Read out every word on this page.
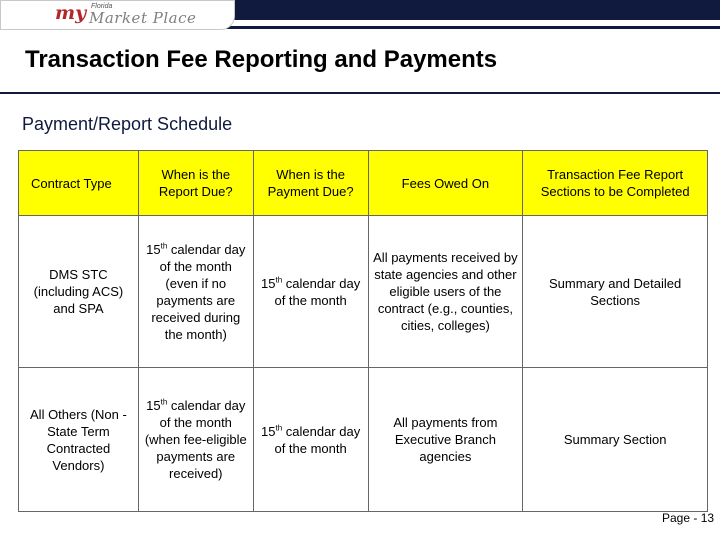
my Florida
Market Place
Transaction Fee Reporting and Payments
Payment/Report Schedule
Contract Type	When is the Report Due?	When is the Payment Due?	Fees Owed On	Transaction Fee Report Sections to be Completed
DMS STC (including ACS) and SPA	15th calendar day of the month (even if no payments are received during the month)	15th calendar day of the month	All payments received by state agencies and other eligible users of the contract (e.g., counties, cities, colleges)	Summary and Detailed Sections
All Others (Non -State Term Contracted Vendors)	15th calendar day of the month (when fee-eligible payments are received)	15th calendar day of the month	All payments from Executive Branch agencies	Summary Section
Page - 13
